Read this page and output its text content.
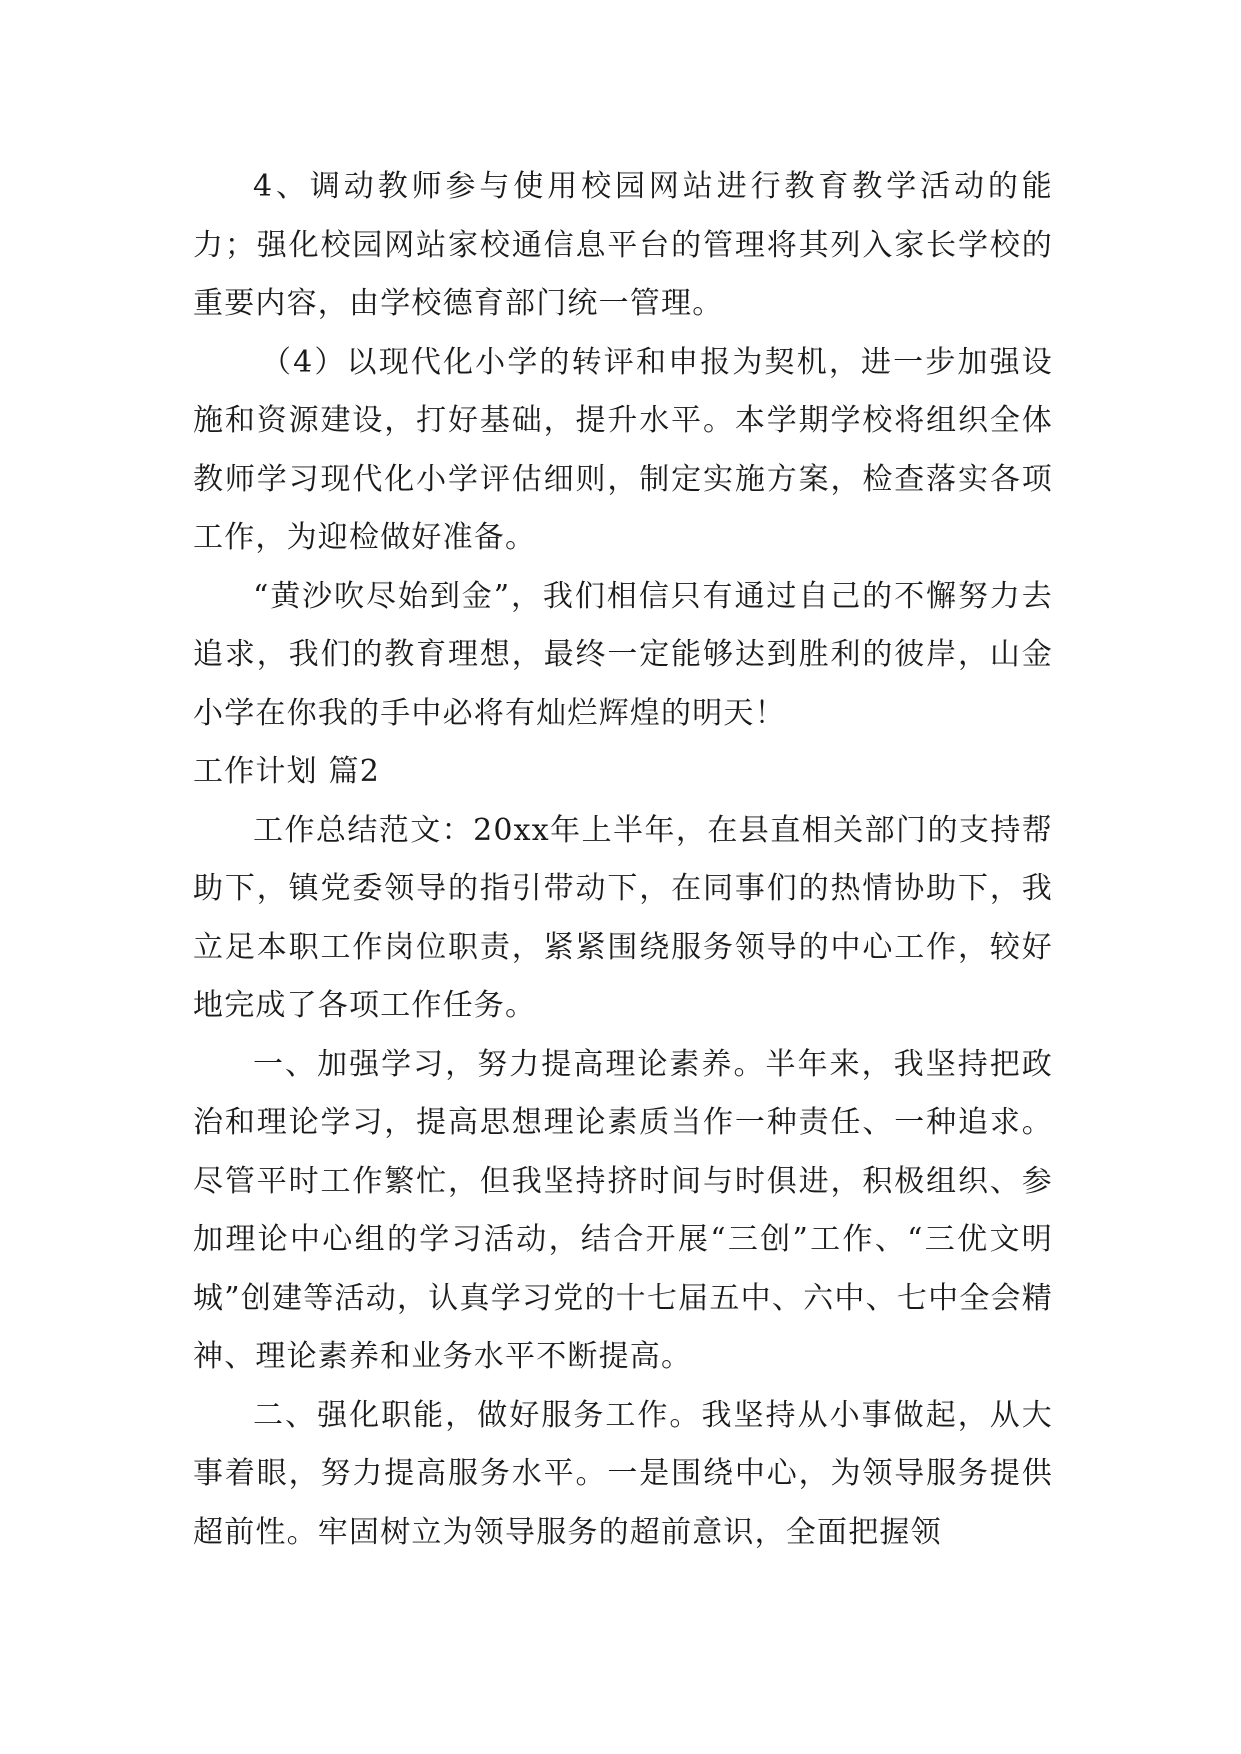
4、调动教师参与使用校园网站进行教育教学活动的能力；强化校园网站家校通信息平台的管理将其列入家长学校的重要内容，由学校德育部门统一管理。

（4）以现代化小学的转评和申报为契机，进一步加强设施和资源建设，打好基础，提升水平。本学期学校将组织全体教师学习现代化小学评估细则，制定实施方案，检查落实各项工作，为迎检做好准备。

“黄沙吹尽始到金”，我们相信只有通过自己的不懈努力去追求，我们的教育理想，最终一定能够达到胜利的彼岸，山金小学在你我的手中必将有灿烂辉煌的明天！

工作计划 篇2

工作总结范文：20xx年上半年，在县直相关部门的支持帮助下，镇党委领导的指引带动下，在同事们的热情协助下，我立足本职工作岗位职责，紧紧围绕服务领导的中心工作，较好地完成了各项工作任务。

一、加强学习，努力提高理论素养。半年来，我坚持把政治和理论学习，提高思想理论素质当作一种责任、一种追求。尽管平时工作繁忙，但我坚持挤时间与时俱进，积极组织、参加理论中心组的学习活动，结合开展“三创”工作、“三优文明城”创建等活动，认真学习党的十七届五中、六中、七中全会精神、理论素养和业务水平不断提高。

二、强化职能，做好服务工作。我坚持从小事做起，从大事着眼，努力提高服务水平。一是围绕中心，为领导服务提供超前性。牢固树立为领导服务的超前意识，全面把握领
